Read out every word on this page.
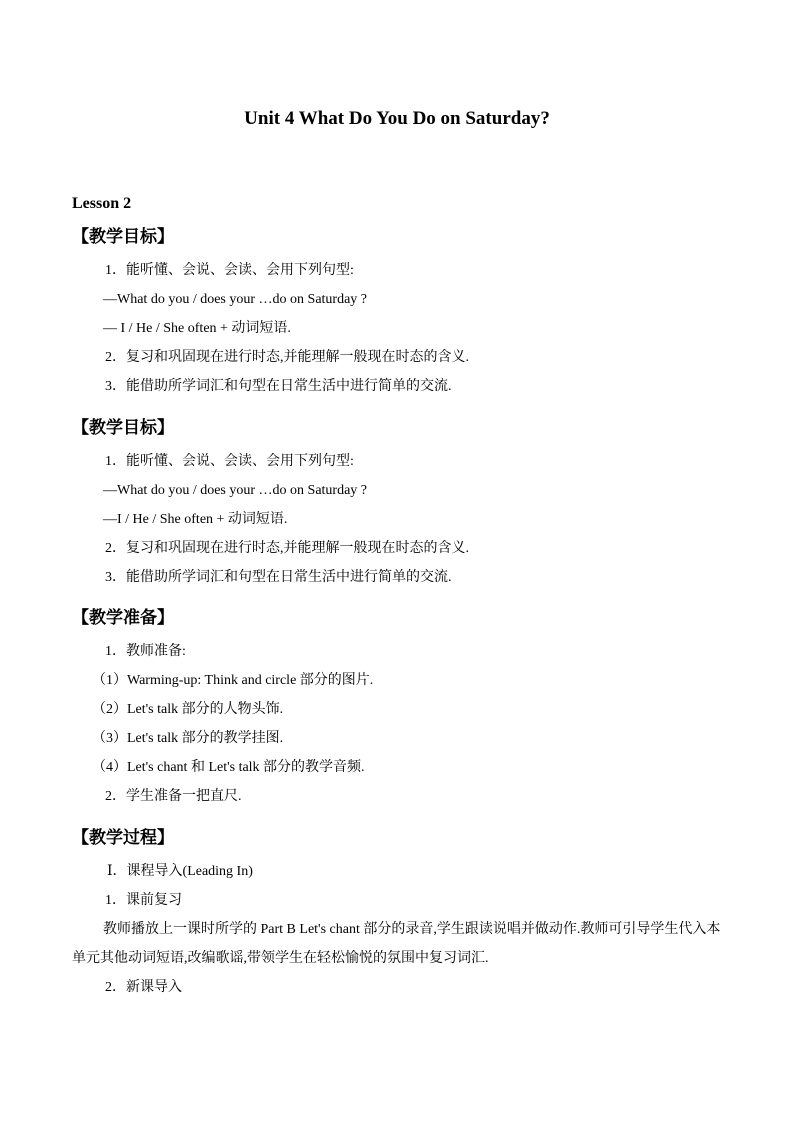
Unit 4 What Do You Do on Saturday?
Lesson 2
【教学目标】
1．能听懂、会说、会读、会用下列句型:
—What do you / does your …do on Saturday ?
— I / He / She often + 动词短语.
2．复习和巩固现在进行时态,并能理解一般现在时态的含义.
3．能借助所学词汇和句型在日常生活中进行简单的交流.
【教学目标】
1．能听懂、会说、会读、会用下列句型:
—What do you / does your …do on Saturday ?
—I / He / She often + 动词短语.
2．复习和巩固现在进行时态,并能理解一般现在时态的含义.
3．能借助所学词汇和句型在日常生活中进行简单的交流.
【教学准备】
1．教师准备:
（1）Warming-up: Think and circle 部分的图片.
（2）Let's talk 部分的人物头饰.
（3）Let's talk 部分的教学挂图.
（4）Let's chant 和 Let's talk 部分的教学音频.
2．学生准备一把直尺.
【教学过程】
Ⅰ．课程导入(Leading In)
1．课前复习

教师播放上一课时所学的 Part B Let's chant 部分的录音,学生跟读说唱并做动作.教师可引导学生代入本单元其他动词短语,改编歌谣,带领学生在轻松愉悦的氛围中复习词汇.

2．新课导入
